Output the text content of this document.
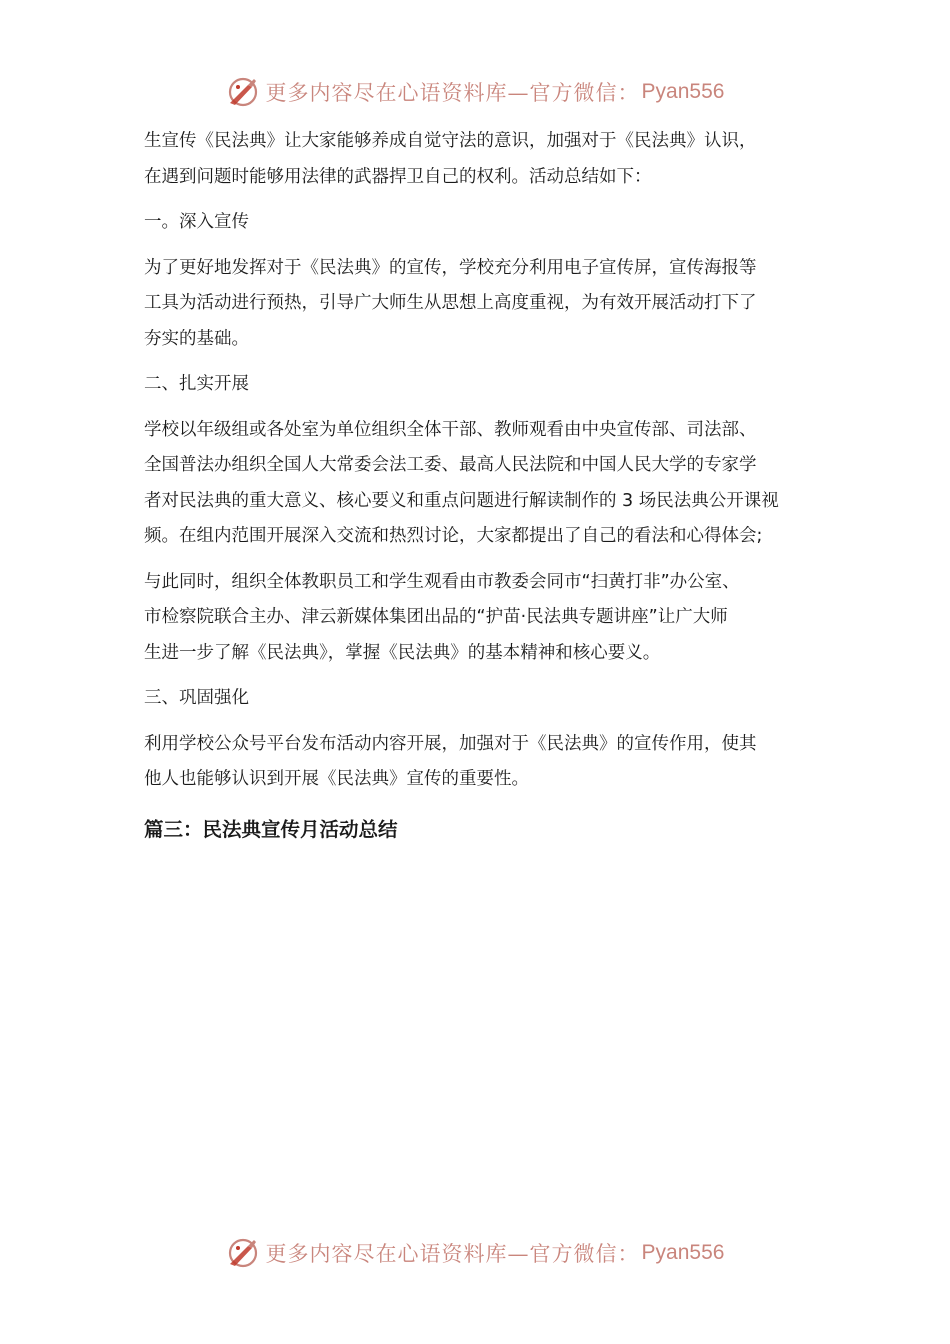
更多内容尽在心语资料库—官方微信： Pyan556

生宣传《民法典》让大家能够养成自觉守法的意识，加强对于《民法典》认识，

在遇到问题时能够用法律的武器捍卫自己的权利。活动总结如下：

一。深入宣传

为了更好地发挥对于《民法典》的宣传，学校充分利用电子宣传屏，宣传海报等

工具为活动进行预热，引导广大师生从思想上高度重视，为有效开展活动打下了

夯实的基础。

二、扎实开展

学校以年级组或各处室为单位组织全体干部、教师观看由中央宣传部、司法部、

全国普法办组织全国人大常委会法工委、最高人民法院和中国人民大学的专家学

者对民法典的重大意义、核心要义和重点问题进行解读制作的 3 场民法典公开课视

频。在组内范围开展深入交流和热烈讨论，大家都提出了自己的看法和心得体会;

与此同时，组织全体教职员工和学生观看由市教委会同市“扫黄打非”办公室、

市检察院联合主办、津云新媒体集团出品的“护苗·民法典专题讲座”让广大师

生进一步了解《民法典》，掌握《民法典》的基本精神和核心要义。

三、巩固强化

利用学校公众号平台发布活动内容开展，加强对于《民法典》的宣传作用，使其

他人也能够认识到开展《民法典》宣传的重要性。

篇三：民法典宣传月活动总结

更多内容尽在心语资料库—官方微信： Pyan556
